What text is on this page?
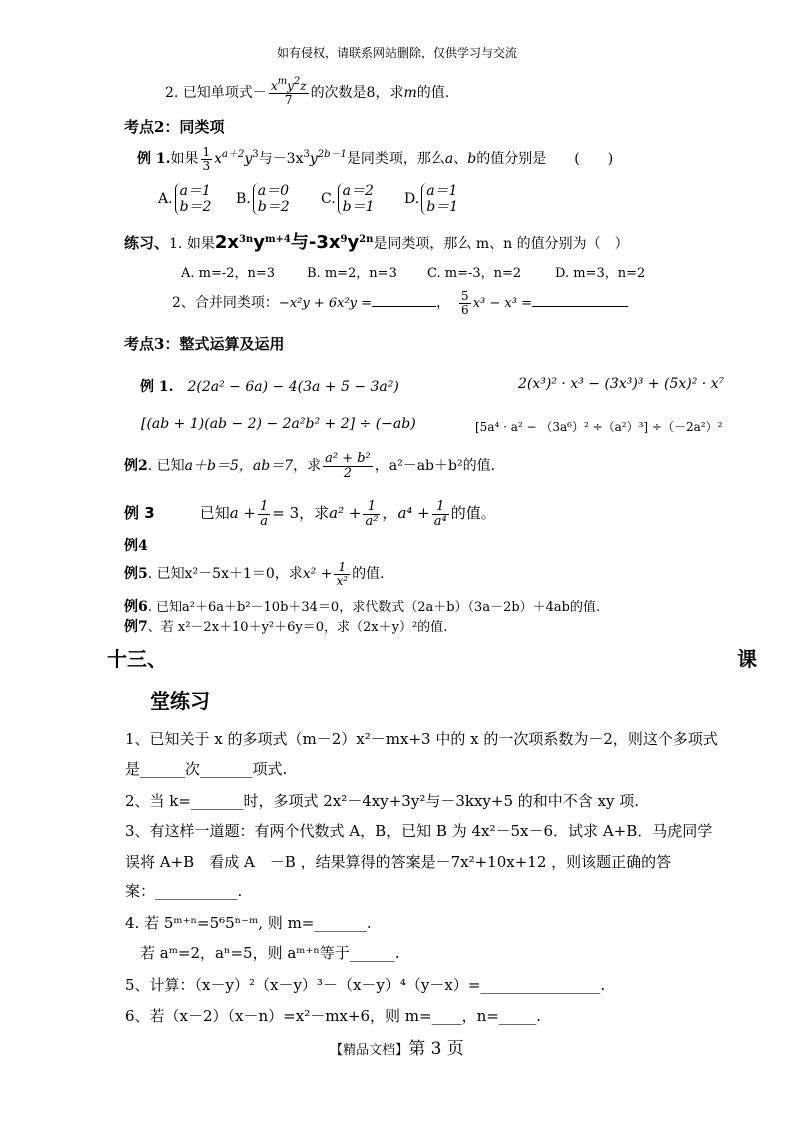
如有侵权，请联系网站删除，仅供学习与交流
2. 已知单项式－ $\frac{x^my^2z}{7}$ 的次数是8，求m的值.
考点2：同类项
例 1.如果 $\frac{1}{3} x^{a+2}y^3$与$-3x^3y^{2b-1}$是同类项，那么a、b的值分别是　　 (　　)
A. a＝1
b＝2 B. a＝0
b＝2 C. a＝2
b＝1 D. a＝1
b＝1
练习、1. 如果$2x^{3n}y^{m+4}$与$-3x^9y^{2n}$是同类项，那么 m、n 的值分别为（　）
A. m=-2，n=3 B. m=2，n=3 C. m=-3，n=2	D. m=3，n=2
2、合并同类项：−x²y + 6x²y =	，　 $\frac{5}{6} x^3 - x^3$ =
考点3：整式运算及运用
例 1.　 2(2a² − 6a) − 4(3a + 5 − 3a²)	2(x³)² · x³ − (3x³)³ + (5x)² · x⁷
[(ab + 1)(ab − 2) − 2a²b² + 2] ÷ (−ab)	[5a⁴ · a² − （3a⁶）² ÷（a²）³] ÷（－2a²）²
例2. 已知a＋b＝5，ab＝7，求 $\frac{\text{a² + b²}}{2}$ ，a²－ab＋b²的值.
例 3　　　	已知$a + \frac{1}{a} = 3$，求$a^2 + \frac{1}{\text{a²}}$ ，$a^4 + \frac{1}{\text{a⁴}}$ 的值。
例4
例5. 已知x²－5x＋1＝0，求$x^2 + \frac{1}{\text{x²}}$ 的值.
例6. 已知a²＋6a＋b²－10b＋34＝0，求代数式（2a＋b）（3a－2b）＋4ab的值.
例7、若 x²－2x＋10＋y²＋6y＝0，求（2x＋y）²的值.
十三、	课
堂练习
1、已知关于 x 的多项式（m－2）x²－mx+3 中的 x 的一次项系数为－2，则这个多项式
是______次_______项式.
2、当 k=_______时，多项式 2x²－4xy+3y²与－3kxy+5 的和中不含 xy 项.
3、有这样一道题：有两个代数式 A，B，已知 B 为 4x²－5x－6．试求 A+B．马虎同学
误将 A+B　看成 A　－B ，结果算得的答案是－7x²+10x+12 ，则该题正确的答
案：___________.
4. 若 5ᵐ⁺ⁿ=5⁶5ⁿ⁻ᵐ, 则 m=_______.
若 aᵐ=2，aⁿ=5，则 aᵐ⁺ⁿ等于______.
5、计算：（x－y）²（x－y）³－（x－y）⁴（y－x）=________________.
6、若（x－2）（x－n）=x²－mx+6，则 m=____，n=_____.
【精品文档】第 3 页
